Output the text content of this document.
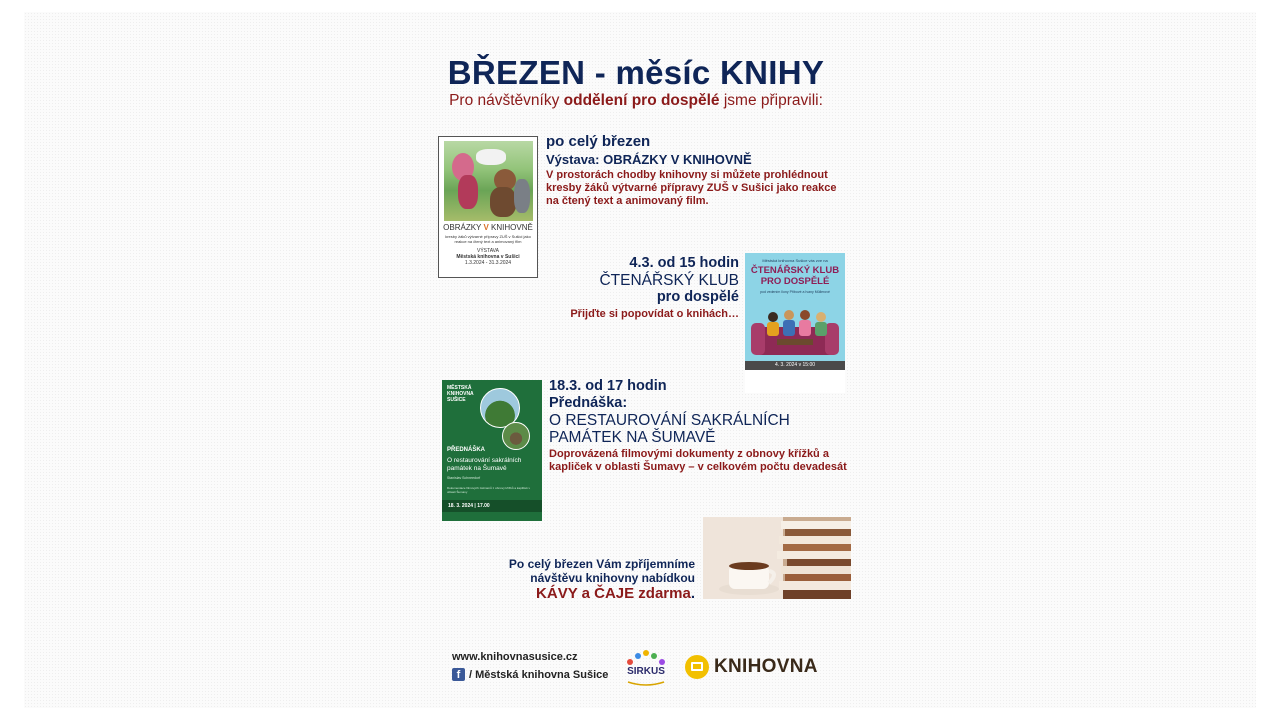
BŘEZEN - měsíc KNIHY
Pro návštěvníky oddělení pro dospělé jsme připravili:
OBRÁZKY V KNIHOVNĚ
kresby žáků výtvarné přípravy ZUŠ v Sušici jako reakce na čtený text a animovaný film
VÝSTAVA
Městská knihovna v Sušici
1.3.2024 - 31.3.2024
po celý březen
Výstava: OBRÁZKY V KNIHOVNĚ
V prostorách chodby knihovny si můžete prohlédnout kresby žáků výtvarné přípravy ZUŠ v Sušici jako reakce na čtený text a animovaný film.
4.3. od 15 hodin
ČTENÁŘSKÝ KLUB
pro dospělé
Přijďte si popovídat o knihách…
Městská knihovna Sušice vás zve na
ČTENÁŘSKÝ KLUB
PRO DOSPĚLÉ
pod vedením Ilony Přibové a Ivany Müllerové
4. 3. 2024 v 15:00
MĚSTSKÁ
KNIHOVNA
SUŠICE
PŘEDNÁŠKA
O restaurování sakrálních památek na Šumavě
Stanislav Schneedorf
Dokumentace filmových záznamů z obnovy křížků a kapliček v oblasti Šumavy
18. 3. 2024 | 17.00
18.3. od 17 hodin
Přednáška:
O RESTAUROVÁNÍ SAKRÁLNÍCH
PAMÁTEK NA ŠUMAVĚ
Doprovázená filmovými dokumenty z obnovy křížků a kapliček v oblasti Šumavy – v celkovém počtu devadesát
Po celý březen Vám zpříjemníme
návštěvu knihovny nabídkou
KÁVY a ČAJE zdarma.
www.knihovnasusice.cz
f / Městská knihovna Sušice	SIRKUS	KNIHOVNA
